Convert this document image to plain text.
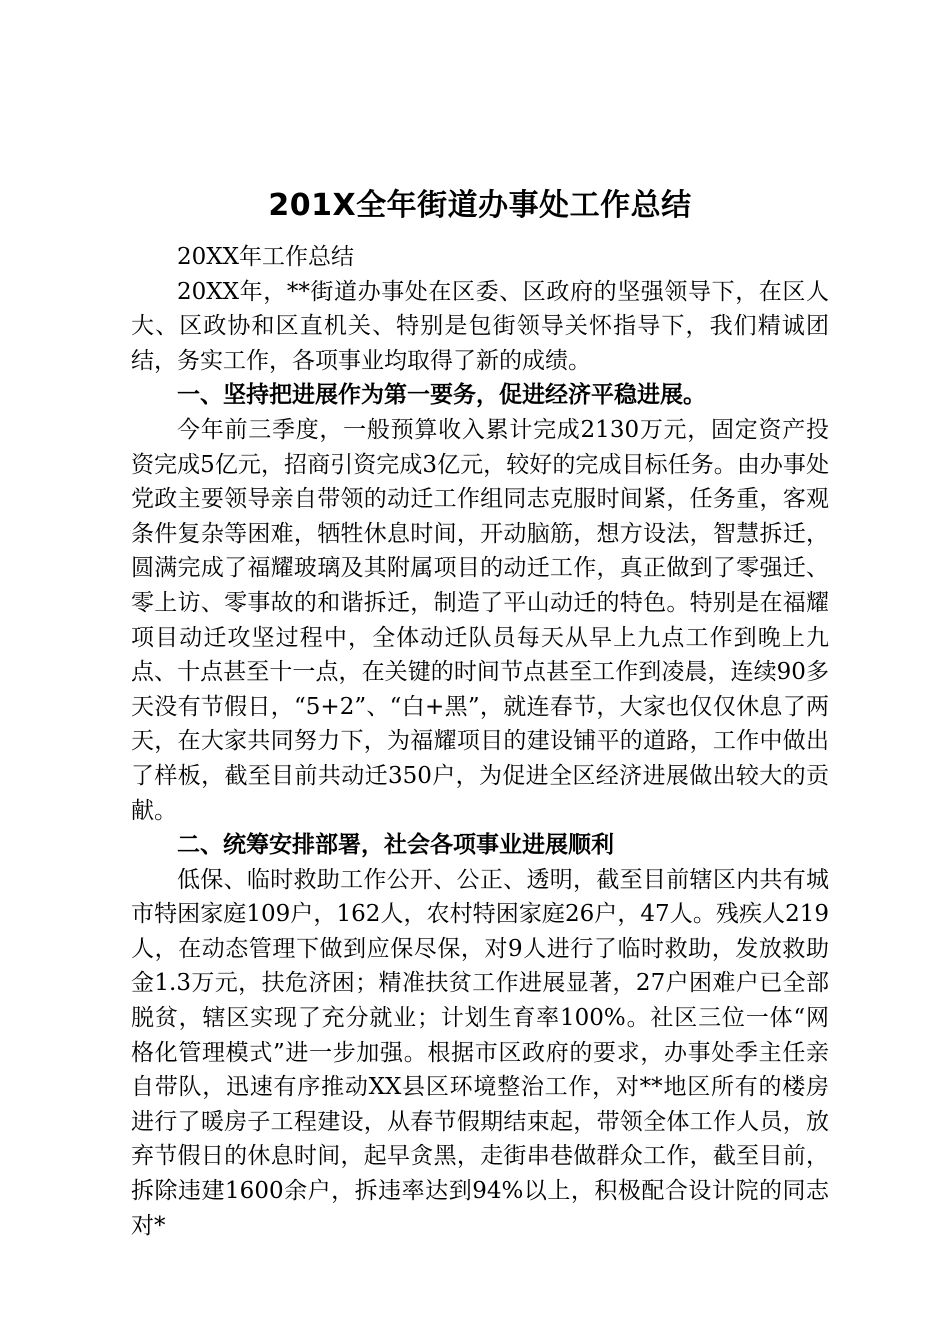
201X全年街道办事处工作总结

20XX年工作总结

20XX年，**街道办事处在区委、区政府的坚强领导下，在区人大、区政协和区直机关、特别是包街领导关怀指导下，我们精诚团结，务实工作，各项事业均取得了新的成绩。

一、坚持把进展作为第一要务，促进经济平稳进展。

今年前三季度，一般预算收入累计完成2130万元，固定资产投资完成5亿元，招商引资完成3亿元，较好的完成目标任务。由办事处党政主要领导亲自带领的动迁工作组同志克服时间紧，任务重，客观条件复杂等困难，牺牲休息时间，开动脑筋，想方设法，智慧拆迁，圆满完成了福耀玻璃及其附属项目的动迁工作，真正做到了零强迁、零上访、零事故的和谐拆迁，制造了平山动迁的特色。特别是在福耀项目动迁攻坚过程中，全体动迁队员每天从早上九点工作到晚上九点、十点甚至十一点，在关键的时间节点甚至工作到凌晨，连续90多天没有节假日，“5+2”、“白+黑”，就连春节，大家也仅仅休息了两天，在大家共同努力下，为福耀项目的建设铺平的道路，工作中做出了样板，截至目前共动迁350户，为促进全区经济进展做出较大的贡献。

二、统筹安排部署，社会各项事业进展顺利

低保、临时救助工作公开、公正、透明，截至目前辖区内共有城市特困家庭109户，162人，农村特困家庭26户，47人。残疾人219人，在动态管理下做到应保尽保，对9人进行了临时救助，发放救助金1.3万元，扶危济困；精准扶贫工作进展显著，27户困难户已全部脱贫，辖区实现了充分就业；计划生育率100%。社区三位一体“网格化管理模式”进一步加强。根据市区政府的要求，办事处季主任亲自带队，迅速有序推动XX县区环境整治工作，对**地区所有的楼房进行了暖房子工程建设，从春节假期结束起，带领全体工作人员，放弃节假日的休息时间，起早贪黑，走街串巷做群众工作，截至目前，拆除违建1600余户，拆违率达到94%以上，积极配合设计院的同志对*
